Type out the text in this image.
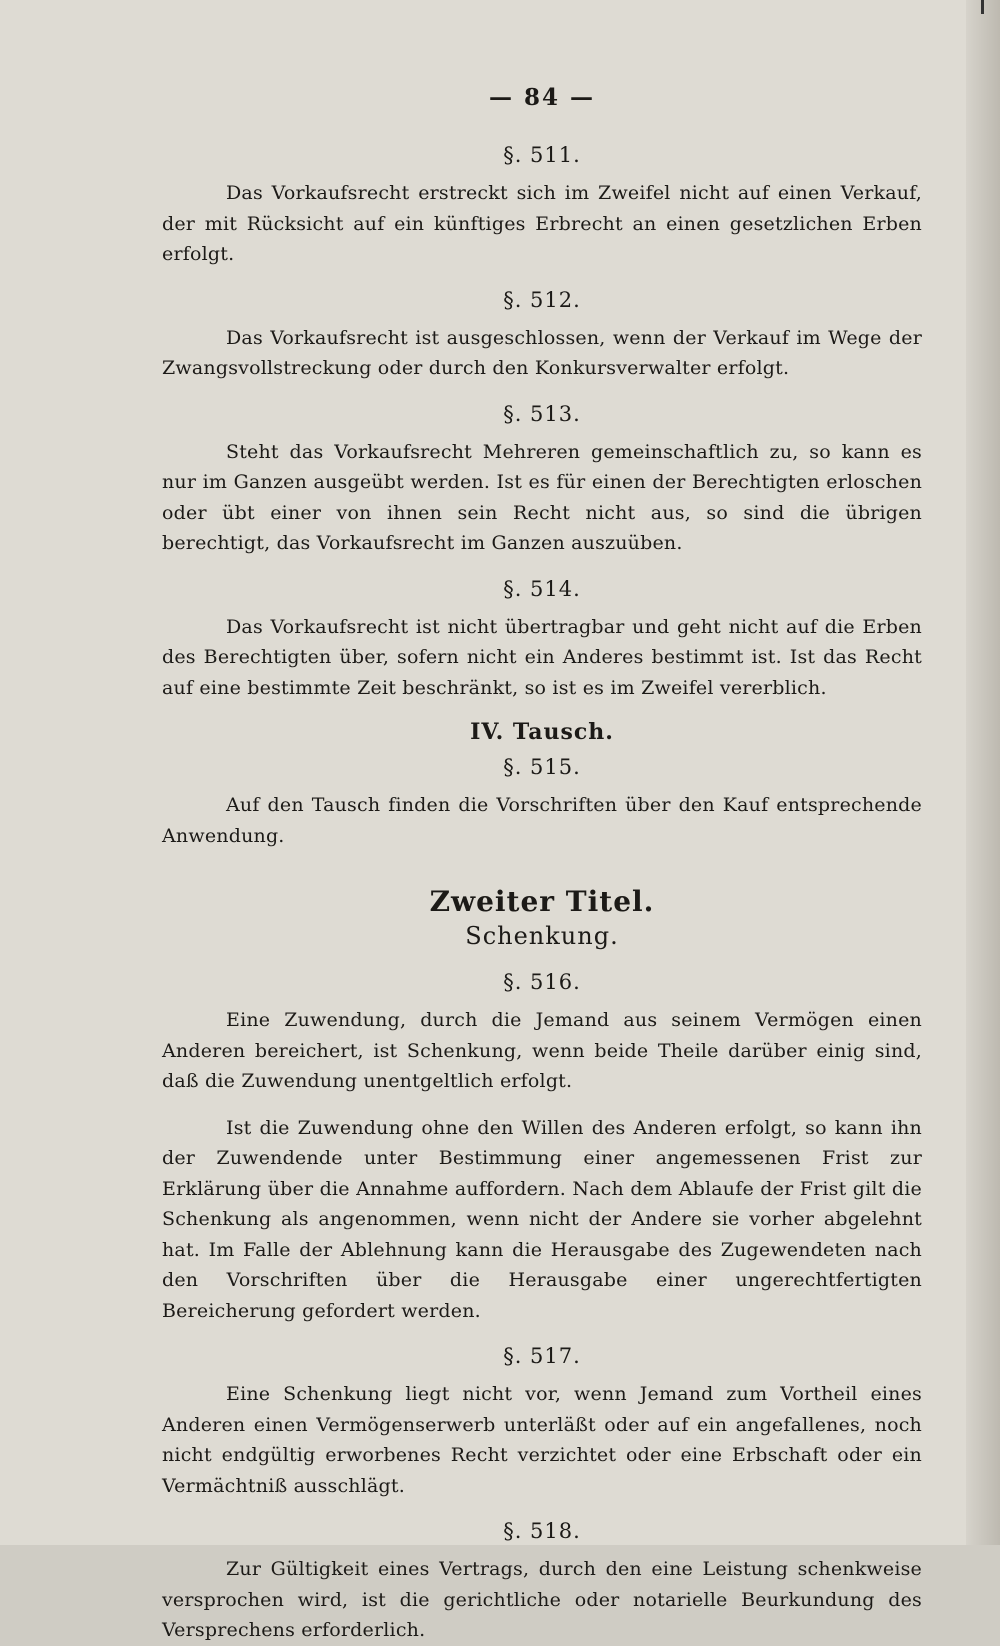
— 84 —
§. 511.

Das Vorkaufsrecht erstreckt sich im Zweifel nicht auf einen Verkauf, der mit Rücksicht auf ein künftiges Erbrecht an einen gesetzlichen Erben erfolgt.

§. 512.

Das Vorkaufsrecht ist ausgeschlossen, wenn der Verkauf im Wege der Zwangsvollstreckung oder durch den Konkursverwalter erfolgt.

§. 513.

Steht das Vorkaufsrecht Mehreren gemeinschaftlich zu, so kann es nur im Ganzen ausgeübt werden. Ist es für einen der Berechtigten erloschen oder übt einer von ihnen sein Recht nicht aus, so sind die übrigen berechtigt, das Vorkaufsrecht im Ganzen auszuüben.

§. 514.

Das Vorkaufsrecht ist nicht übertragbar und geht nicht auf die Erben des Berechtigten über, sofern nicht ein Anderes bestimmt ist. Ist das Recht auf eine bestimmte Zeit beschränkt, so ist es im Zweifel vererblich.

IV. Tausch.
§. 515.

Auf den Tausch finden die Vorschriften über den Kauf entsprechende Anwendung.

Zweiter Titel.
Schenkung.
§. 516.

Eine Zuwendung, durch die Jemand aus seinem Vermögen einen Anderen bereichert, ist Schenkung, wenn beide Theile darüber einig sind, daß die Zuwendung unentgeltlich erfolgt.

Ist die Zuwendung ohne den Willen des Anderen erfolgt, so kann ihn der Zuwendende unter Bestimmung einer angemessenen Frist zur Erklärung über die Annahme auffordern. Nach dem Ablaufe der Frist gilt die Schenkung als angenommen, wenn nicht der Andere sie vorher abgelehnt hat. Im Falle der Ablehnung kann die Herausgabe des Zugewendeten nach den Vorschriften über die Herausgabe einer ungerechtfertigten Bereicherung gefordert werden.

§. 517.

Eine Schenkung liegt nicht vor, wenn Jemand zum Vortheil eines Anderen einen Vermögenserwerb unterläßt oder auf ein angefallenes, noch nicht endgültig erworbenes Recht verzichtet oder eine Erbschaft oder ein Vermächtniß ausschlägt.

§. 518.

Zur Gültigkeit eines Vertrags, durch den eine Leistung schenkweise versprochen wird, ist die gerichtliche oder notarielle Beurkundung des Versprechens erforderlich.
